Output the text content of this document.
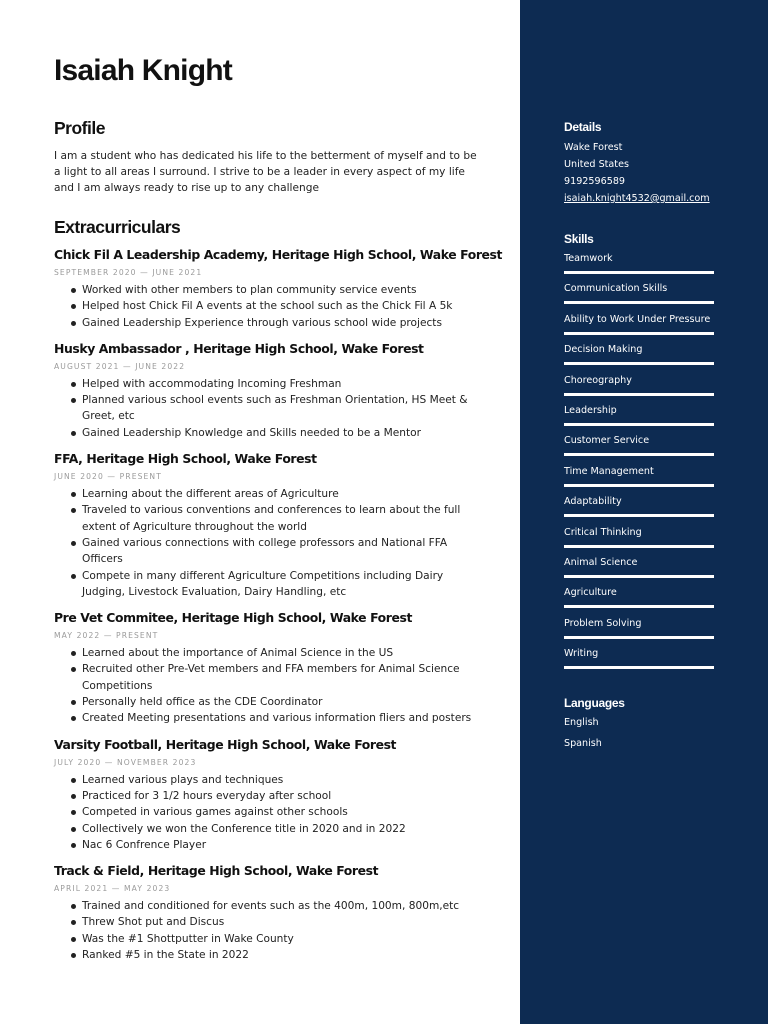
Isaiah Knight
Profile

I am a student who has dedicated his life to the betterment of myself and to be a light to all areas I surround. I strive to be a leader in every aspect of my life and I am always ready to rise up to any challenge

Extracurriculars
Chick Fil A Leadership Academy, Heritage High School, Wake Forest

SEPTEMBER 2020 — JUNE 2021

Worked with other members to plan community service events
Helped host Chick Fil A events at the school such as the Chick Fil A 5k
Gained Leadership Experience through various school wide projects
Husky Ambassador , Heritage High School, Wake Forest

AUGUST 2021 — JUNE 2022

Helped with accommodating Incoming Freshman
Planned various school events such as Freshman Orientation, HS Meet & Greet, etc
Gained Leadership Knowledge and Skills needed to be a Mentor
FFA, Heritage High School, Wake Forest

JUNE 2020 — PRESENT

Learning about the different areas of Agriculture
Traveled to various conventions and conferences to learn about the full extent of Agriculture throughout the world
Gained various connections with college professors and National FFA Officers
Compete in many different Agriculture Competitions including Dairy Judging, Livestock Evaluation, Dairy Handling, etc
Pre Vet Commitee, Heritage High School, Wake Forest

MAY 2022 — PRESENT

Learned about the importance of Animal Science in the US
Recruited other Pre-Vet members and FFA members for Animal Science Competitions
Personally held office as the CDE Coordinator
Created Meeting presentations and various information fliers and posters
Varsity Football, Heritage High School, Wake Forest

JULY 2020 — NOVEMBER 2023

Learned various plays and techniques
Practiced for 3 1/2 hours everyday after school
Competed in various games against other schools
Collectively we won the Conference title in 2020 and in 2022
Nac 6 Confrence Player
Track & Field, Heritage High School, Wake Forest

APRIL 2021 — MAY 2023

Trained and conditioned for events such as the 400m, 100m, 800m,etc
Threw Shot put and Discus
Was the #1 Shottputter in Wake County
Ranked #5 in the State in 2022
Details

Wake Forest

United States

9192596589

isaiah.knight4532@gmail.com

Skills
Teamwork
Communication Skills
Ability to Work Under Pressure
Decision Making
Choreography
Leadership
Customer Service
Time Management
Adaptability
Critical Thinking
Animal Science
Agriculture
Problem Solving
Writing
Languages

English

Spanish
